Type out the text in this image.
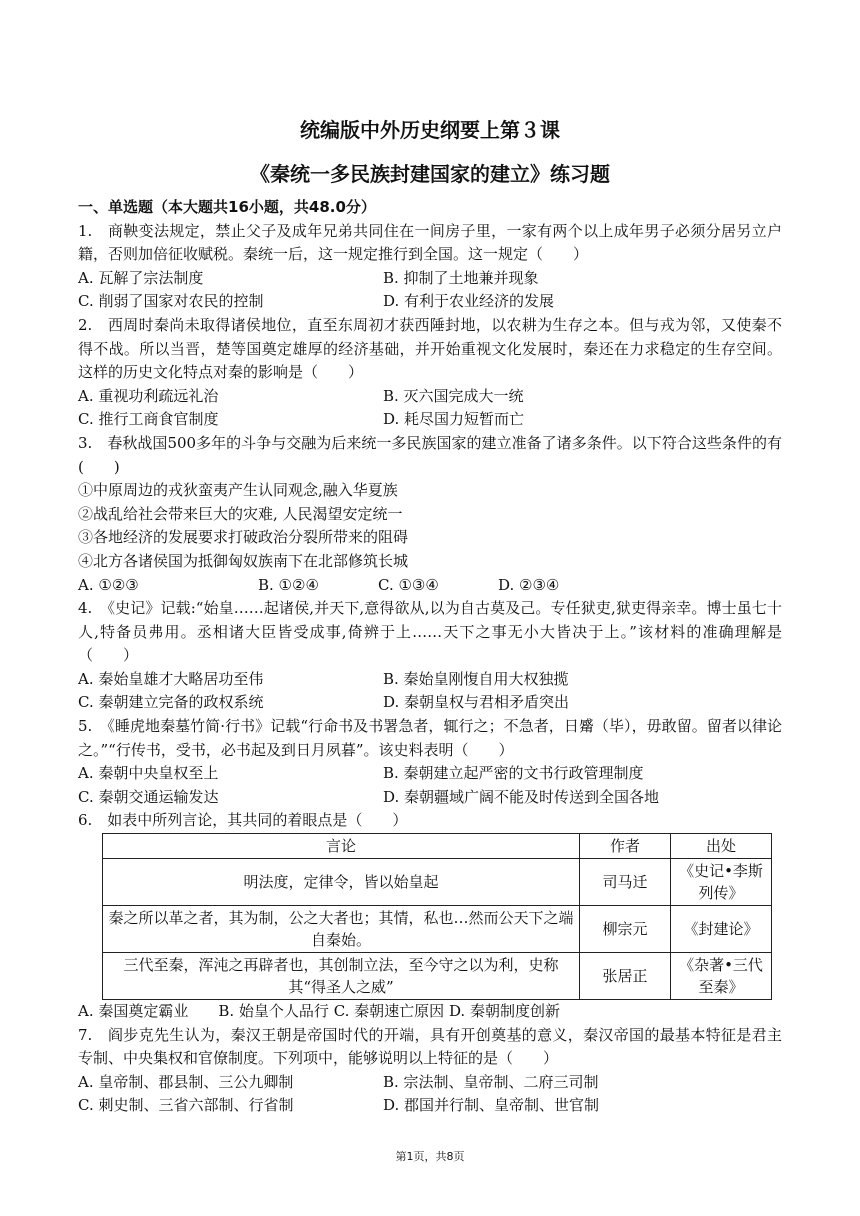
统编版中外历史纲要上第３课
《秦统一多民族封建国家的建立》练习题
一、单选题（本大题共16小题，共48.0分）
1.　商鞅变法规定，禁止父子及成年兄弟共同住在一间房子里，一家有两个以上成年男子必须分居另立户籍，否则加倍征收赋税。秦统一后，这一规定推行到全国。这一规定（　　）
A. 瓦解了宗法制度	B. 抑制了土地兼并现象
C. 削弱了国家对农民的控制	D. 有利于农业经济的发展
2.　西周时秦尚未取得诸侯地位，直至东周初才获西陲封地，以农耕为生存之本。但与戎为邻，又使秦不得不战。所以当晋，楚等国奠定雄厚的经济基础，并开始重视文化发展时，秦还在力求稳定的生存空间。这样的历史文化特点对秦的影响是（　　）
A. 重视功利疏远礼治	B. 灭六国完成大一统
C. 推行工商食官制度	D. 耗尽国力短暂而亡
3.　春秋战国500多年的斗争与交融为后来统一多民族国家的建立准备了诸多条件。以下符合这些条件的有(　　)
①中原周边的戎狄蛮夷产生认同观念,融入华夏族
②战乱给社会带来巨大的灾难, 人民渴望安定统一
③各地经济的发展要求打破政治分裂所带来的阻碍
④北方各诸侯国为抵御匈奴族南下在北部修筑长城
A. ①②③	B. ①②④	C. ①③④	D. ②③④
4.　《史记》记载:“始皇……起诸侯,并天下,意得欲从,以为自古莫及己。专任狱吏,狱吏得亲幸。博士虽七十人,特备员弗用。丞相诸大臣皆受成事,倚辨于上……天下之事无小大皆决于上。”该材料的准确理解是（　　）
A. 秦始皇雄才大略居功至伟	B. 秦始皇刚愎自用大权独揽
C. 秦朝建立完备的政权系统	D. 秦朝皇权与君相矛盾突出
5.　《睡虎地秦墓竹简·行书》记载“行命书及书署急者，辄行之；不急者，日觱（毕），毋敢留。留者以律论之。”“行传书，受书，必书起及到日月夙暮”。该史料表明（　　）
A. 秦朝中央皇权至上	B. 秦朝建立起严密的文书行政管理制度
C. 秦朝交通运输发达	D. 秦朝疆域广阔不能及时传送到全国各地
6.　如表中所列言论，其共同的着眼点是（　　）
言论	作者	出处
明法度，定律令，皆以始皇起	司马迁	《史记•李斯列传》
秦之所以革之者，其为制，公之大者也；其情，私也…然而公天下之端自秦始。	柳宗元	《封建论》
三代至秦，浑沌之再辟者也，其创制立法，至今守之以为利，史称其“得圣人之威”	张居正	《杂著•三代至秦》
A. 秦国奠定霸业　　B. 始皇个人品行 C. 秦朝速亡原因 D. 秦朝制度创新
7.　阎步克先生认为，秦汉王朝是帝国时代的开端，具有开创奠基的意义，秦汉帝国的最基本特征是君主专制、中央集权和官僚制度。下列项中，能够说明以上特征的是（　　）
A. 皇帝制、郡县制、三公九卿制	B. 宗法制、皇帝制、二府三司制
C. 刺史制、三省六部制、行省制	D. 郡国并行制、皇帝制、世官制
第1页，共8页
